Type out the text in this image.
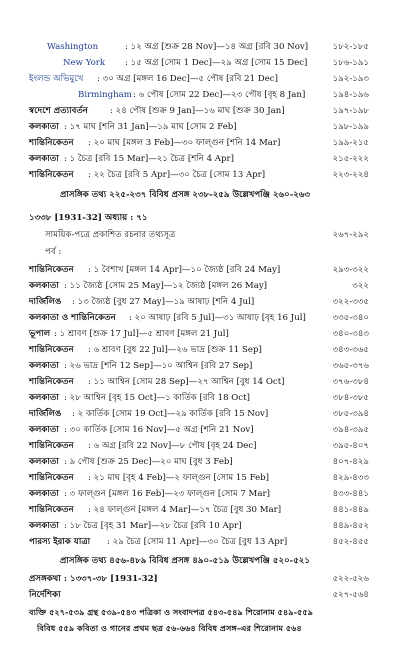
Washington	: ১২ অগ্র [শুক্র 28 Nov]—১৪ অগ্র [রবি 30 Nov]	১৮২-১৮৫
New York : ১৫ অগ্র [সোম 1 Dec]—২৯ অগ্র [সোম 15 Dec]	১৮৬-১৯১
ইংলন্ড অভিমুখে : ৩০ অগ্র [মঙ্গল 16 Dec]—৫ পৌষ [রবি 21 Dec]	১৯২-১৯৩
Birmingham : ৬ পৌষ [সোম 22 Dec]—২৩ পৌষ [বৃহ 8 Jan]	১৯৪-১৯৬
স্বদেশে প্রত্যাবর্তন	: ২৪ পৌষ [শুক্র 9 Jan]—১৬ মাঘ [শুক্র 30 Jan]	১৯৭-১৯৮
কলকাতা : ১৭ মাঘ [শনি 31 Jan]—১৯ মাঘ [সোম 2 Feb]	১৯৮-১৯৯
শান্তিনিকেতন : ২০ মাঘ [মঙ্গল 3 Feb]—৩০ ফাল্গুন [শনি 14 Mar]	১৯৯-২১৫
কলকাতা : ১ চৈত্র [রবি 15 Mar]—২১ চৈত্র [শনি 4 Apr]	২১৫-২২২
শান্তিনিকেতন : ২২ চৈত্র [রবি 5 Apr]—৩০ চৈত্র [সোম 13 Apr]	২২৩-২২৪
প্রাসঙ্গিক তথ্য ২২৫-২৩৭ বিবিধ প্রসঙ্গ ২৩৮-২৫৯ উল্লেখপঞ্জি ২৬০-২৬৩
১৩৩৮ [1931-32] অধ্যায় : ৭১
সাময়িক-পত্রে প্রকাশিত রচনার তথ্যসূত্র	২৬৭-২৯২
পর্ব :
শান্তিনিকেতন : ১ বৈশাখ [মঙ্গল 14 Apr]—১০ জ্যৈষ্ঠ [রবি 24 May]	২৯৩-৩২২
কলকাতা : ১১ জ্যৈষ্ঠ [সোম 25 May]—১২ জ্যৈষ্ঠ [মঙ্গল 26 May]	৩২২
দার্জিলিঙ : ১৩ জ্যৈষ্ঠ [বুধ 27 May]—১৯ আষাঢ় [শনি 4 Jul]	৩২২-৩৩৫
কলকাতা ও শান্তিনিকেতন : ২০ আষাঢ় [রবি 5 Jul]—৩১ আষাঢ় [বৃহ 16 Jul]	৩৩৫-৩৪০
ভূপাল : ১ শ্রাবণ [শুক্র 17 Jul]—৫ শ্রাবণ [মঙ্গল 21 Jul]	৩৪০-৩৪৩
শান্তিনিকেতন : ৬ শ্রাবণ [বুধ 22 Jul]—২৬ ভাদ্র [শুক্র 11 Sep]	৩৪৩-৩৬৫
কলকাতা : ২৬ ভাদ্র [শনি 12 Sep]—১০ আশ্বিন [রবি 27 Sep]	৩৬৫-৩৭৬
শান্তিনিকেতন : ১১ আশ্বিন [সোম 28 Sep]—২৭ আশ্বিন [বুধ 14 Oct]	৩৭৬-৩৮৪
কলকাতা : ২৮ আশ্বিন [বৃহ 15 Oct]—১ কার্তিক [রবি 18 Oct]	৩৮৪-৩৮৫
দার্জিলিঙ : ২ কার্তিক [সোম 19 Oct]—২৯ কার্তিক [রবি 15 Nov]	৩৮৫-৩৯৪
কলকাতা : ৩০ কার্তিক [সোম 16 Nov]—৫ অগ্র [শনি 21 Nov]	৩৯৪-৩৯৫
শান্তিনিকেতন : ৬ অগ্র [রবি 22 Nov]—৮ পৌষ [বৃহ 24 Dec]	৩৯৫-৪০৭
কলকাতা : ৯ পৌষ [শুক্র 25 Dec]—২০ মাঘ [বুধ 3 Feb]	৪০৭-৪২৯
শান্তিনিকেতন : ২১ মাঘ [বৃহ 4 Feb]—২ ফাল্গুন [সোম 15 Feb]	৪২৯-৪৩৩
কলকাতা : ৩ ফাল্গুন [মঙ্গল 16 Feb]—২৩ ফাল্গুন [সোম 7 Mar]	৪৩৩-৪৪১
শান্তিনিকেতন : ২৪ ফাল্গুন [মঙ্গল 4 Mar]—১৭ চৈত্র [বুধ 30 Mar]	৪৪১-৪৪৯
কলকাতা : ১৮ চৈত্র [বৃহ 31 Mar]—২৮ চৈত্র [রবি 10 Apr]	৪৪৯-৪৫২
পারস্য ইরাক যাত্রা : ২৯ চৈত্র [সোম 11 Apr]—৩০ চৈত্র [বুধ 13 Apr]	৪৫২-৪৫৫
প্রাসঙ্গিক তথ্য ৪৫৬-৪৮৯ বিবিধ প্রসঙ্গ ৪৯০-৫১৯ উল্লেখপঞ্জি ৫২০-৫২১
প্রসঙ্গকথা : ১৩৩৭-৩৮ [1931-32]	৫২২-৫২৬
নির্দেশিকা	৫২৭-৫৬৪
ব্যক্তি ৫২৭-৫৩৯ গ্রন্থ ৫৩৯-৫৪৩ পত্রিকা ও সংবাদপত্র ৫৪৩-৫৪৯ শিরোনাম ৫৪৯-৫৫৯
বিবিধ ৫৫৯ কবিতা ও গানের প্রথম ছত্র ৫৬-৬৬৪ বিবিধ প্রসঙ্গ-এর শিরোনাম ৫৬৪
